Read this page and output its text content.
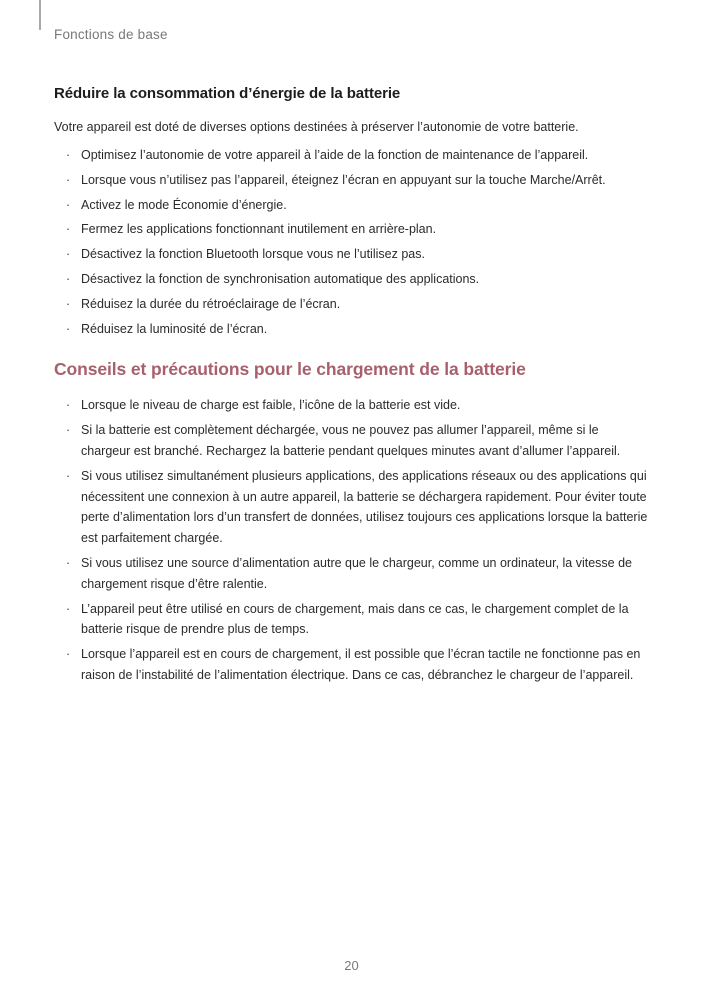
Fonctions de base
Réduire la consommation d’énergie de la batterie

Votre appareil est doté de diverses options destinées à préserver l’autonomie de votre batterie.

· Optimisez l’autonomie de votre appareil à l’aide de la fonction de maintenance de l’appareil.
· Lorsque vous n’utilisez pas l’appareil, éteignez l’écran en appuyant sur la touche Marche/Arrêt.
· Activez le mode Économie d’énergie.
· Fermez les applications fonctionnant inutilement en arrière-plan.
· Désactivez la fonction Bluetooth lorsque vous ne l’utilisez pas.
· Désactivez la fonction de synchronisation automatique des applications.
· Réduisez la durée du rétroéclairage de l’écran.
· Réduisez la luminosité de l’écran.
Conseils et précautions pour le chargement de la batterie
· Lorsque le niveau de charge est faible, l’icône de la batterie est vide.
· Si la batterie est complètement déchargée, vous ne pouvez pas allumer l’appareil, même si le chargeur est branché. Rechargez la batterie pendant quelques minutes avant d’allumer l’appareil.
· Si vous utilisez simultanément plusieurs applications, des applications réseaux ou des applications qui nécessitent une connexion à un autre appareil, la batterie se déchargera rapidement. Pour éviter toute perte d’alimentation lors d’un transfert de données, utilisez toujours ces applications lorsque la batterie est parfaitement chargée.
· Si vous utilisez une source d’alimentation autre que le chargeur, comme un ordinateur, la vitesse de chargement risque d’être ralentie.
· L’appareil peut être utilisé en cours de chargement, mais dans ce cas, le chargement complet de la batterie risque de prendre plus de temps.
· Lorsque l’appareil est en cours de chargement, il est possible que l’écran tactile ne fonctionne pas en raison de l’instabilité de l’alimentation électrique. Dans ce cas, débranchez le chargeur de l’appareil.
20
